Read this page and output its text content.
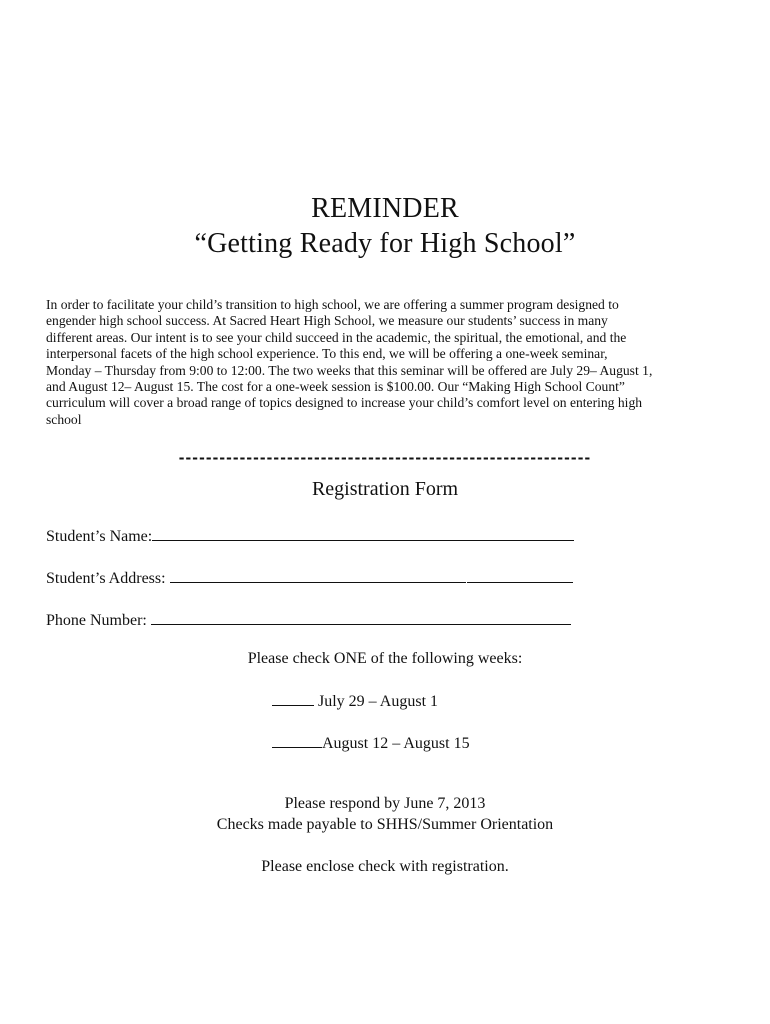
REMINDER
“Getting Ready for High School”

In order to facilitate your child’s transition to high school, we are offering a summer program designed to
engender high school success. At Sacred Heart High School, we measure our students’ success in many
different areas. Our intent is to see your child succeed in the academic, the spiritual, the emotional, and the
interpersonal facets of the high school experience. To this end, we will be offering a one-week seminar,
Monday – Thursday from 9:00 to 12:00. The two weeks that this seminar will be offered are July 29– August 1,
and August 12– August 15. The cost for a one-week session is $100.00. Our “Making High School Count”
curriculum will cover a broad range of topics designed to increase your child’s comfort level on entering high
school

-------------------------------------------------------------
Registration Form
Student’s Name:
Student’s Address:
Phone Number:
Please check ONE of the following weeks:
July 29 – August 1
August 12 – August 15
Please respond by June 7, 2013
Checks made payable to SHHS/Summer Orientation
Please enclose check with registration.
